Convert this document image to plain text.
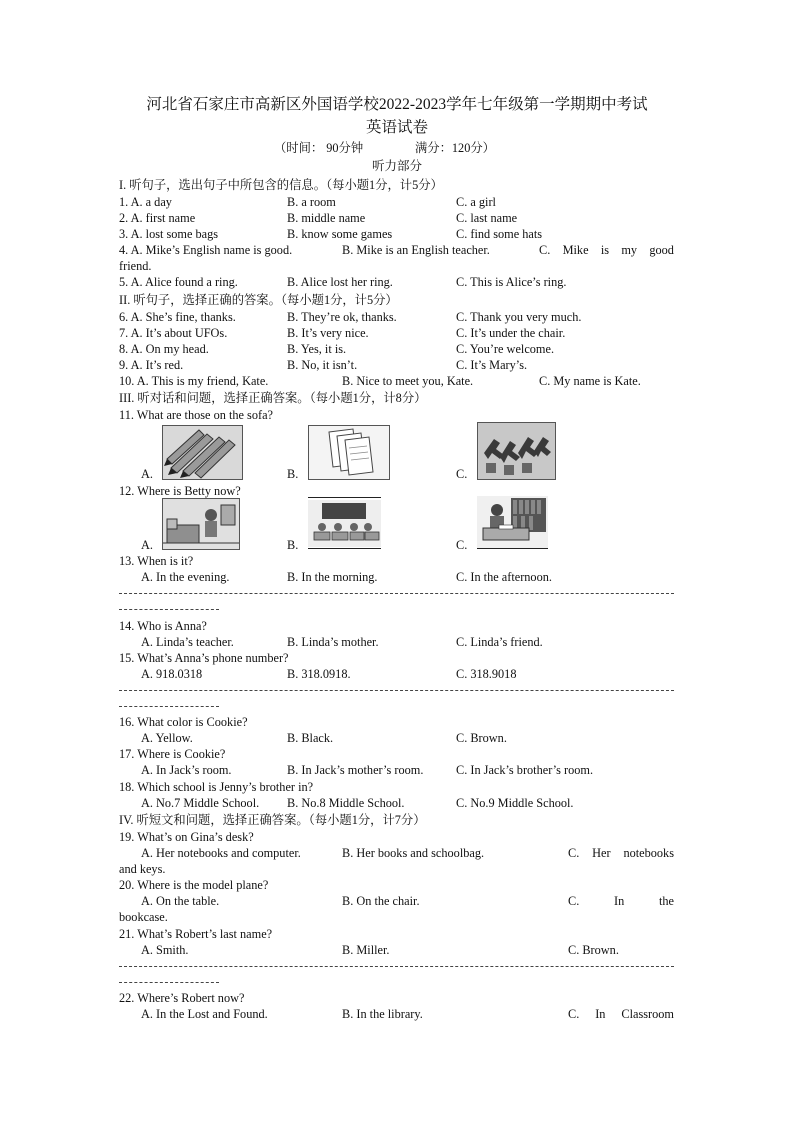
河北省石家庄市高新区外国语学校2022-2023学年七年级第一学期期中考试
英语试卷
（时间： 90分钟	满分：120分）
听力部分
I. 听句子，选出句子中所包含的信息。（每小题1分，计5分）
1. A. a day	B. a room	C. a girl
2. A. first name	B. middle name	C. last name
3. A. lost some bags	B. know some games	C. find some hats
4. A. Mike’s English name is good.	B. Mike is an English teacher.	C. Mike is my good
friend.
5. A. Alice found a ring.	B. Alice lost her ring.	C. This is Alice’s ring.
II. 听句子，选择正确的答案。（每小题1分，计5分）
6. A. She’s fine, thanks.	B. They’re ok, thanks.	C. Thank you very much.
7. A. It’s about UFOs.	B. It’s very nice.	C. It’s under the chair.
8. A. On my head.	B. Yes, it is.	C. You’re welcome.
9. A. It’s red.	B. No, it isn’t.	C. It’s Mary’s.
10. A. This is my friend, Kate.	B. Nice to meet you, Kate.	C. My name is Kate.
III. 听对话和问题，选择正确答案。（每小题1分，计8分）
11. What are those on the sofa?
A.	B.	C.
12. Where is Betty now?
A.	B.	C.
13. When is it?
A. In the evening.	B. In the morning.	C. In the afternoon.
14. Who is Anna?
A. Linda’s teacher.	B. Linda’s mother.	C. Linda’s friend.
15. What’s Anna’s phone number?
A. 918.0318	B. 318.0918.	C. 318.9018
16. What color is Cookie?
A. Yellow.	B. Black.	C. Brown.
17. Where is Cookie?
A. In Jack’s room.	B. In Jack’s mother’s room.	C. In Jack’s brother’s room.
18. Which school is Jenny’s brother in?
A. No.7 Middle School. B. No.8 Middle School.	C. No.9 Middle School.
IV. 听短文和问题，选择正确答案。（每小题1分，计7分）
19. What’s on Gina’s desk?
A. Her notebooks and computer.	B. Her books and schoolbag.	C. Her notebooks
and keys.
20. Where is the model plane?
A. On the table.	B. On the chair.	C.	In	the
bookcase.
21. What’s Robert’s last name?
A. Smith.	B. Miller.	C. Brown.
22. Where’s Robert now?
A. In the Lost and Found.	B. In the library.	C. In Classroom
